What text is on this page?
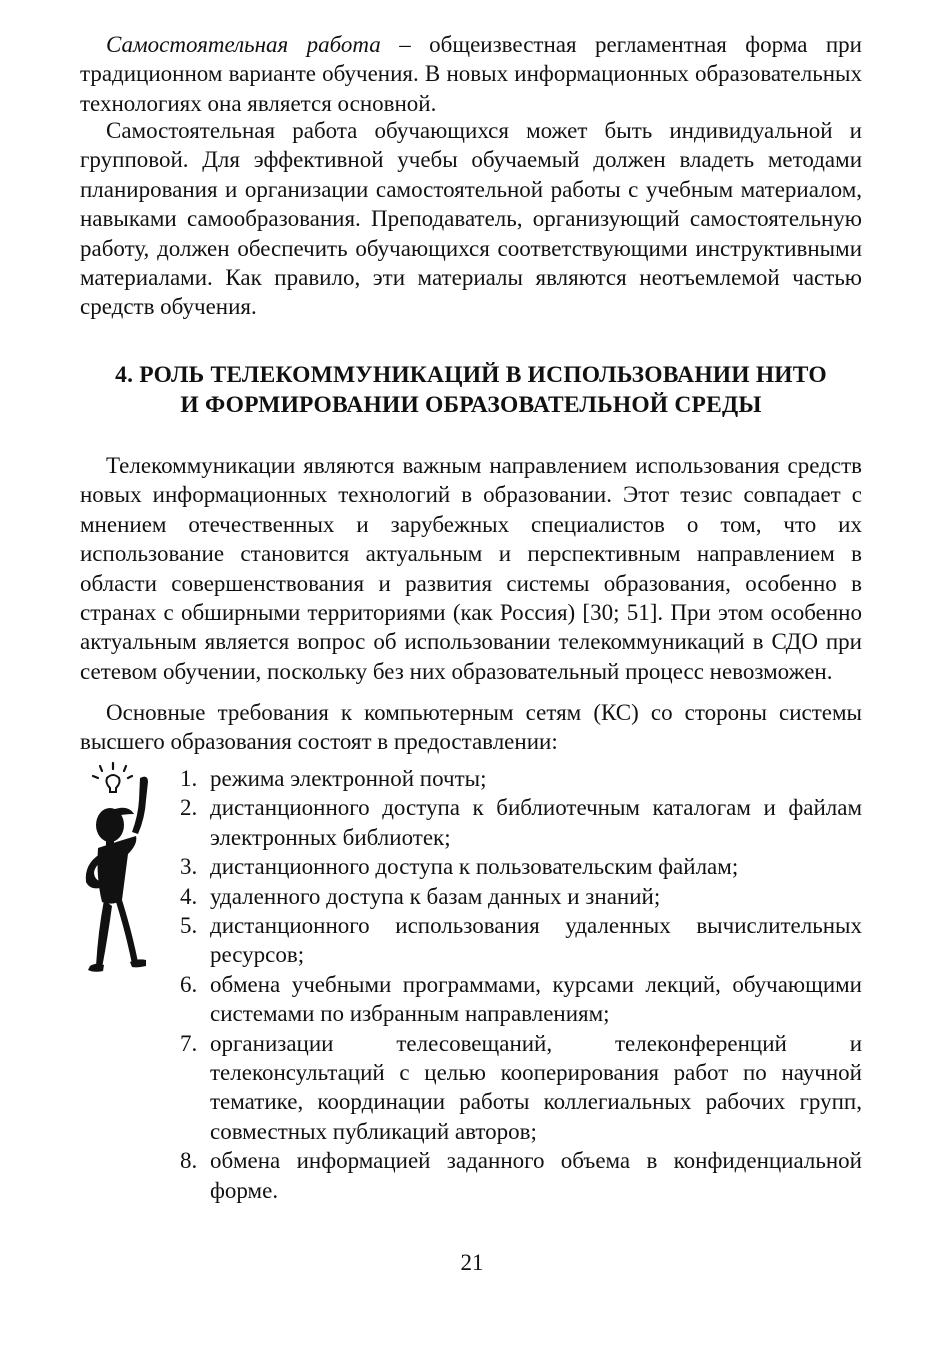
Самостоятельная работа – общеизвестная регламентная форма при традиционном варианте обучения. В новых информационных образовательных технологиях она является основной.

Самостоятельная работа обучающихся может быть индивидуальной и групповой. Для эффективной учебы обучаемый должен владеть методами планирования и организации самостоятельной работы с учебным материалом, навыками самообразования. Преподаватель, организующий самостоятельную работу, должен обеспечить обучающихся соответствующими инструктивными материалами. Как правило, эти материалы являются неотъемлемой частью средств обучения.

4. РОЛЬ ТЕЛЕКОММУНИКАЦИЙ В ИСПОЛЬЗОВАНИИ НИТО
И ФОРМИРОВАНИИ ОБРАЗОВАТЕЛЬНОЙ СРЕДЫ

Телекоммуникации являются важным направлением использования средств новых информационных технологий в образовании. Этот тезис совпадает с мнением отечественных и зарубежных специалистов о том, что их использование становится актуальным и перспективным направлением в области совершенствования и развития системы образования, особенно в странах с обширными территориями (как Россия) [30; 51]. При этом особенно актуальным является вопрос об использовании телекоммуникаций в СДО при сетевом обучении, поскольку без них образовательный процесс невозможен.

Основные требования к компьютерным сетям (КС) со стороны системы высшего образования состоят в предоставлении:

1. режима электронной почты;
2. дистанционного доступа к библиотечным каталогам и файлам электронных библиотек;
3. дистанционного доступа к пользовательским файлам;
4. удаленного доступа к базам данных и знаний;
5. дистанционного использования удаленных вычислительных ресурсов;
6. обмена учебными программами, курсами лекций, обучающими системами по избранным направлениям;
7. организации телесовещаний, телеконференций и телеконсультаций с целью кооперирования работ по научной тематике, координации работы коллегиальных рабочих групп, совместных публикаций авторов;
8. обмена информацией заданного объема в конфиденциальной форме.
21
